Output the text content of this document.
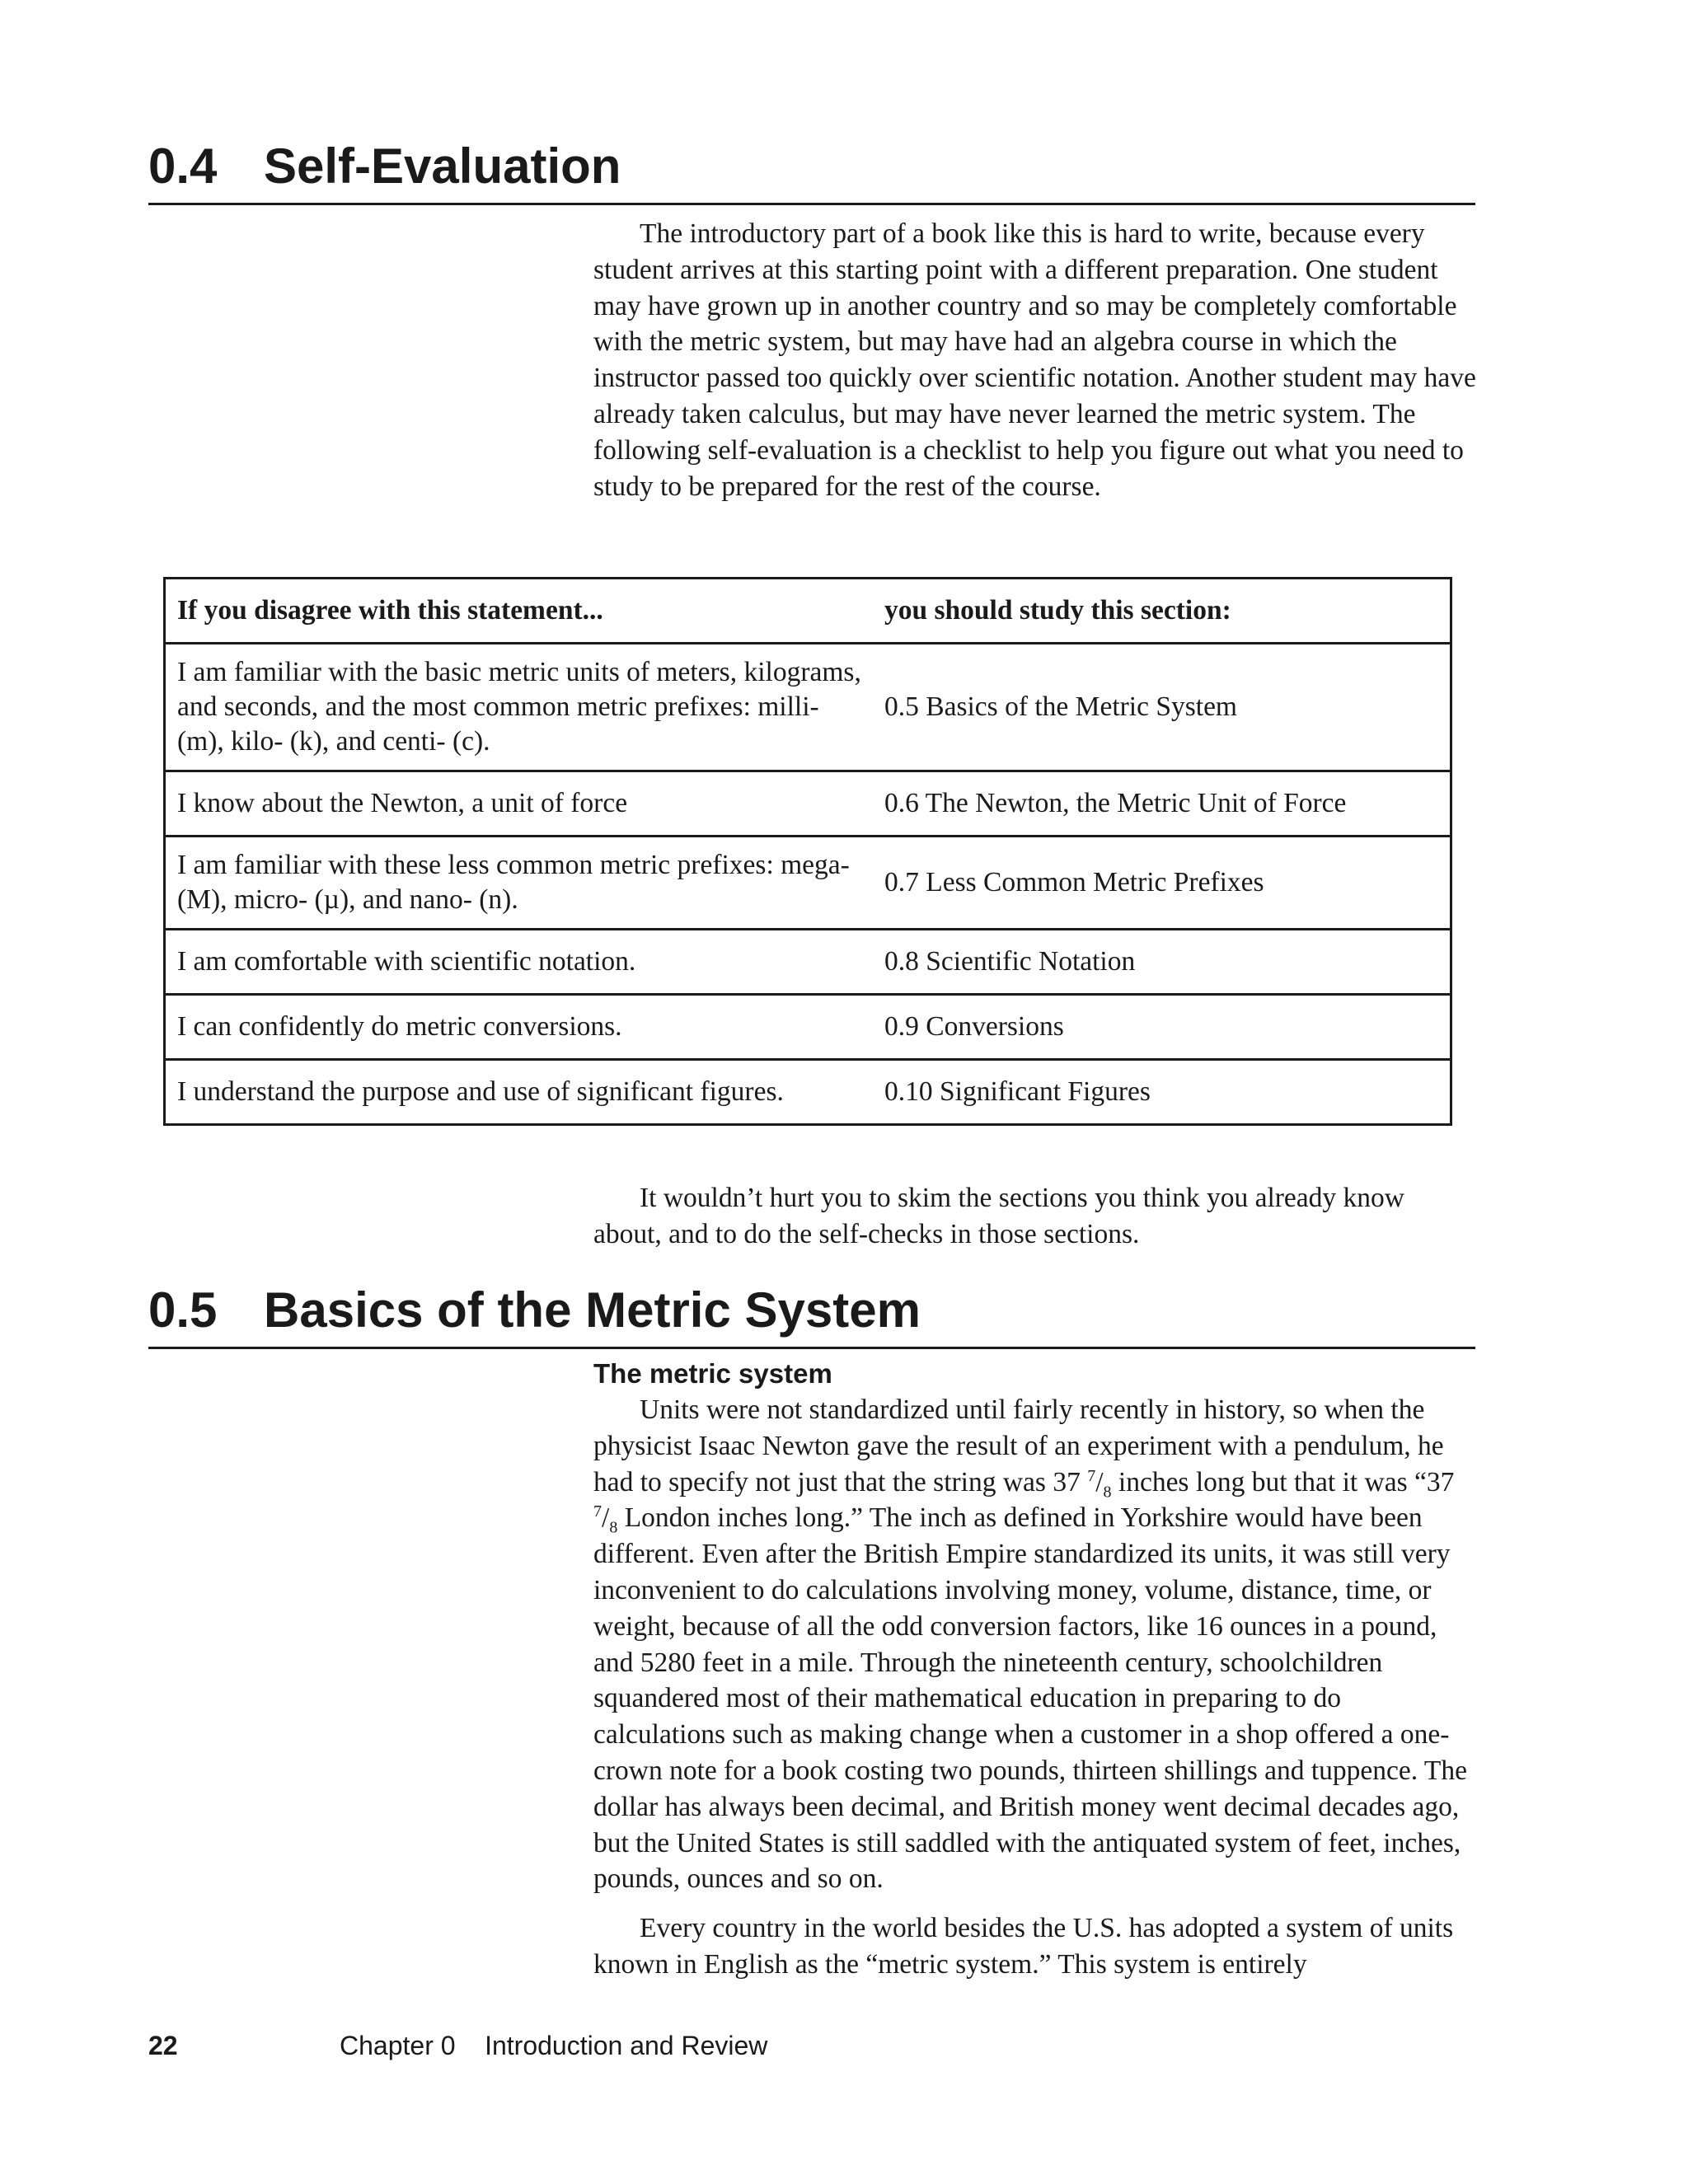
0.4 Self-Evaluation

The introductory part of a book like this is hard to write, because every student arrives at this starting point with a different preparation. One student may have grown up in another country and so may be completely comfortable with the metric system, but may have had an algebra course in which the instructor passed too quickly over scientific notation. Another student may have already taken calculus, but may have never learned the metric system. The following self-evaluation is a checklist to help you figure out what you need to study to be prepared for the rest of the course.

If you disagree with this statement...	you should study this section:
I am familiar with the basic metric units of meters, kilograms, and seconds, and the most common metric prefixes: milli- (m), kilo- (k), and centi- (c).	0.5 Basics of the Metric System
I know about the Newton, a unit of force	0.6 The Newton, the Metric Unit of Force
I am familiar with these less common metric prefixes: mega- (M), micro- (µ), and nano- (n).	0.7 Less Common Metric Prefixes
I am comfortable with scientific notation.	0.8 Scientific Notation
I can confidently do metric conversions.	0.9 Conversions
I understand the purpose and use of significant figures.	0.10 Significant Figures

It wouldn’t hurt you to skim the sections you think you already know about, and to do the self-checks in those sections.

0.5 Basics of the Metric System
The metric system

Units were not standardized until fairly recently in history, so when the physicist Isaac Newton gave the result of an experiment with a pendulum, he had to specify not just that the string was 37 $^7/_8$ inches long but that it was “37 $^7/_8$ London inches long.” The inch as defined in Yorkshire would have been different. Even after the British Empire standardized its units, it was still very inconvenient to do calculations involving money, volume, distance, time, or weight, because of all the odd conversion factors, like 16 ounces in a pound, and 5280 feet in a mile. Through the nineteenth century, schoolchildren squandered most of their mathematical education in preparing to do calculations such as making change when a customer in a shop offered a one-crown note for a book costing two pounds, thirteen shillings and tuppence. The dollar has always been decimal, and British money went decimal decades ago, but the United States is still saddled with the antiquated system of feet, inches, pounds, ounces and so on.

Every country in the world besides the U.S. has adopted a system of units known in English as the “metric system.” This system is entirely

22	Chapter 0    Introduction and Review
